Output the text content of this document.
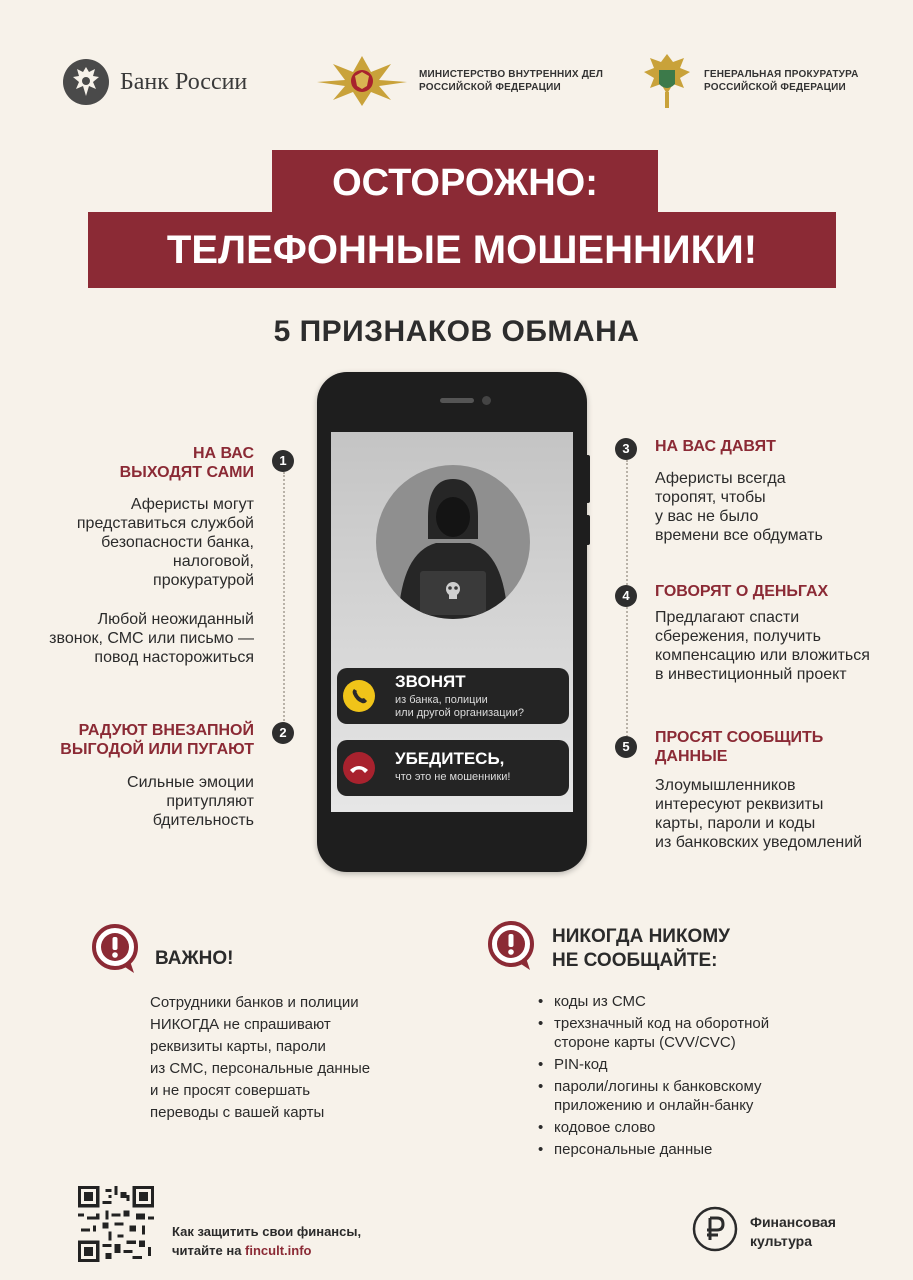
Банк России	МИНИСТЕРСТВО ВНУТРЕННИХ ДЕЛ
РОССИЙСКОЙ ФЕДЕРАЦИИ
ГЕНЕРАЛЬНАЯ ПРОКУРАТУРА
РОССИЙСКОЙ ФЕДЕРАЦИИ
ОСТОРОЖНО:
ТЕЛЕФОННЫЕ МОШЕННИКИ!
5 ПРИЗНАКОВ ОБМАНА
ЗВОНЯТ
из банка, полиции
или другой организации?
УБЕДИТЕСЬ,
что это не мошенники!
1
НА ВАС
ВЫХОДЯТ САМИ
Аферисты могут
представиться службой
безопасности банка,
налоговой,
прокуратурой
Любой неожиданный
звонок, СМС или письмо —
повод насторожиться
2
РАДУЮТ ВНЕЗАПНОЙ
ВЫГОДОЙ ИЛИ ПУГАЮТ
Сильные эмоции
притупляют
бдительность
3	НА ВАС ДАВЯТ
Аферисты всегда
торопят, чтобы
у вас не было
времени все обдумать
4	ГОВОРЯТ О ДЕНЬГАХ
Предлагают спасти
сбережения, получить
компенсацию или вложиться
в инвестиционный проект
5
ПРОСЯТ СООБЩИТЬ
ДАННЫЕ
Злоумышленников
интересуют реквизиты
карты, пароли и коды
из банковских уведомлений
ВАЖНО!
Сотрудники банков и полиции
НИКОГДА не спрашивают
реквизиты карты, пароли
из СМС, персональные данные
и не просят совершать
переводы с вашей карты
НИКОГДА НИКОМУ
НЕ СООБЩАЙТЕ:
• коды из СМС
• трехзначный код на оборотной
стороне карты (CVV/CVC)
• PIN-код
• пароли/логины к банковскому
приложению и онлайн-банку
• кодовое слово
• персональные данные
Как защитить свои финансы,
читайте на fincult.info
Финансовая
культура
